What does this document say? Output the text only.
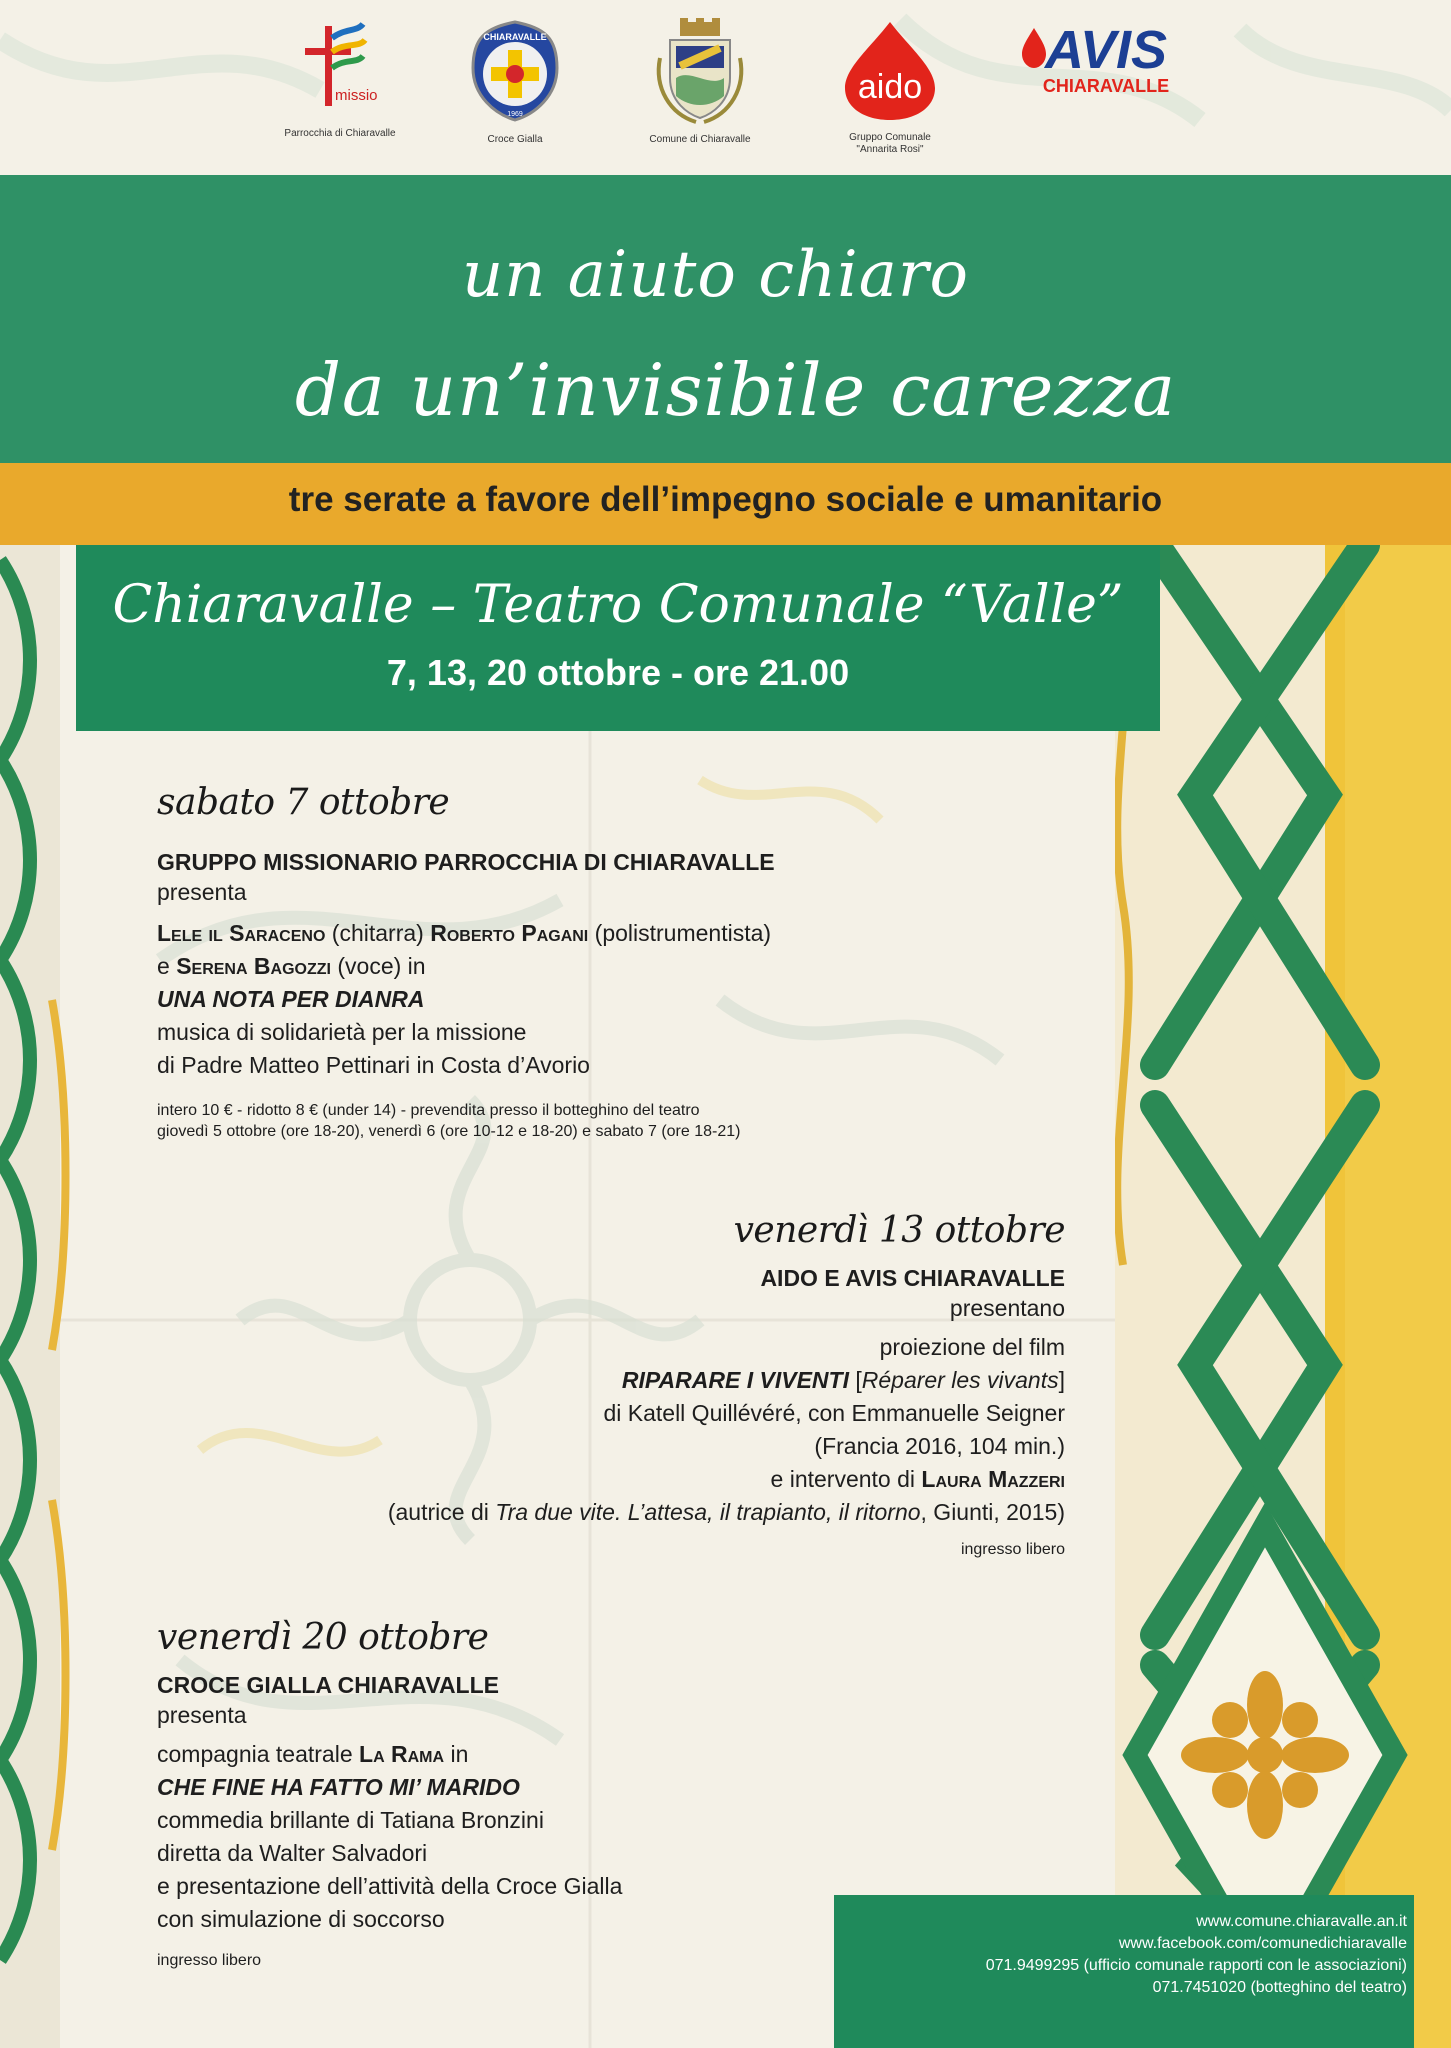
missio
Parrocchia di Chiaravalle
CHIARAVALLE
1969
Croce Gialla	Comune di Chiaravalle
aido
Gruppo Comunale
"Annarita Rosi"
AVIS
CHIARAVALLE
un aiuto chiaro
da un’invisibile carezza
tre serate a favore dell’impegno sociale e umanitario
Chiaravalle – Teatro Comunale “Valle”
7, 13, 20 ottobre - ore 21.00
sabato 7 ottobre
GRUPPO MISSIONARIO PARROCCHIA DI CHIARAVALLE
presenta
Lele il Saraceno (chitarra) Roberto Pagani (polistrumentista)
e Serena Bagozzi (voce) in
UNA NOTA PER DIANRA
musica di solidarietà per la missione
di Padre Matteo Pettinari in Costa d’Avorio
intero 10 € - ridotto 8 € (under 14) - prevendita presso il botteghino del teatro
giovedì 5 ottobre (ore 18-20), venerdì 6 (ore 10-12 e 18-20) e sabato 7 (ore 18-21)
venerdì 13 ottobre
AIDO E AVIS CHIARAVALLE
presentano
proiezione del film
RIPARARE I VIVENTI [Réparer les vivants]
di Katell Quillévéré, con Emmanuelle Seigner
(Francia 2016, 104 min.)
e intervento di Laura Mazzeri
(autrice di Tra due vite. L’attesa, il trapianto, il ritorno, Giunti, 2015)
ingresso libero
venerdì 20 ottobre
CROCE GIALLA CHIARAVALLE
presenta
compagnia teatrale La Rama in
CHE FINE HA FATTO MI’ MARIDO
commedia brillante di Tatiana Bronzini
diretta da Walter Salvadori
e presentazione dell’attività della Croce Gialla
con simulazione di soccorso
ingresso libero
www.comune.chiaravalle.an.it
www.facebook.com/comunedichiaravalle
071.9499295 (ufficio comunale rapporti con le associazioni)
071.7451020 (botteghino del teatro)
